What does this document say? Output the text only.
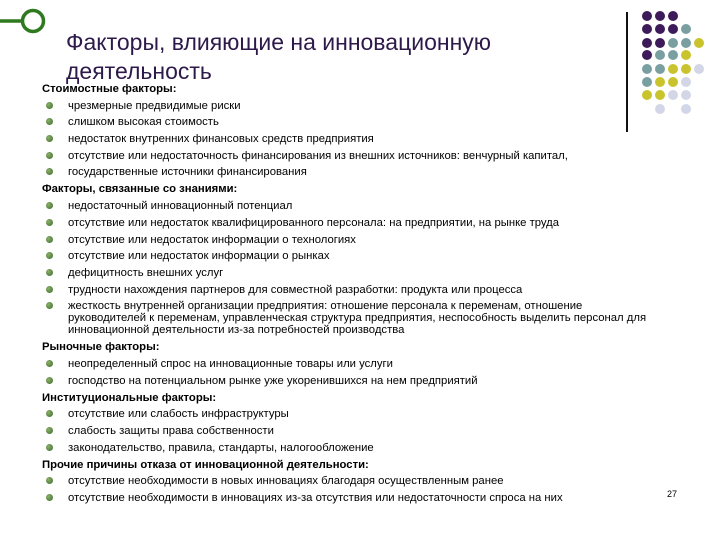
Факторы, влияющие на инновационную деятельность
Стоимостные факторы:
чрезмерные предвидимые риски
слишком высокая стоимость
недостаток внутренних финансовых средств предприятия
отсутствие или недостаточность финансирования из внешних источников: венчурный капитал,
государственные источники финансирования
Факторы, связанные со знаниями:
недостаточный инновационный потенциал
отсутствие или недостаток квалифицированного персонала: на предприятии, на рынке труда
отсутствие или недостаток информации о технологиях
отсутствие или недостаток информации о рынках
дефицитность внешних услуг
трудности нахождения партнеров для совместной разработки: продукта или процесса
жесткость внутренней организации предприятия: отношение персонала к переменам, отношение руководителей к переменам, управленческая структура предприятия, неспособность выделить персонал для инновационной деятельности из-за потребностей производства
Рыночные факторы:
неопределенный спрос на инновационные товары или услуги
господство на потенциальном рынке уже укоренившихся на нем предприятий
Институциональные факторы:
отсутствие или слабость инфраструктуры
слабость защиты права собственности
законодательство, правила, стандарты, налогообложение
Прочие причины отказа от инновационной деятельности:
отсутствие необходимости в новых инновациях благодаря осуществленным ранее
отсутствие необходимости в инновациях из-за отсутствия или недостаточности спроса на них	27
